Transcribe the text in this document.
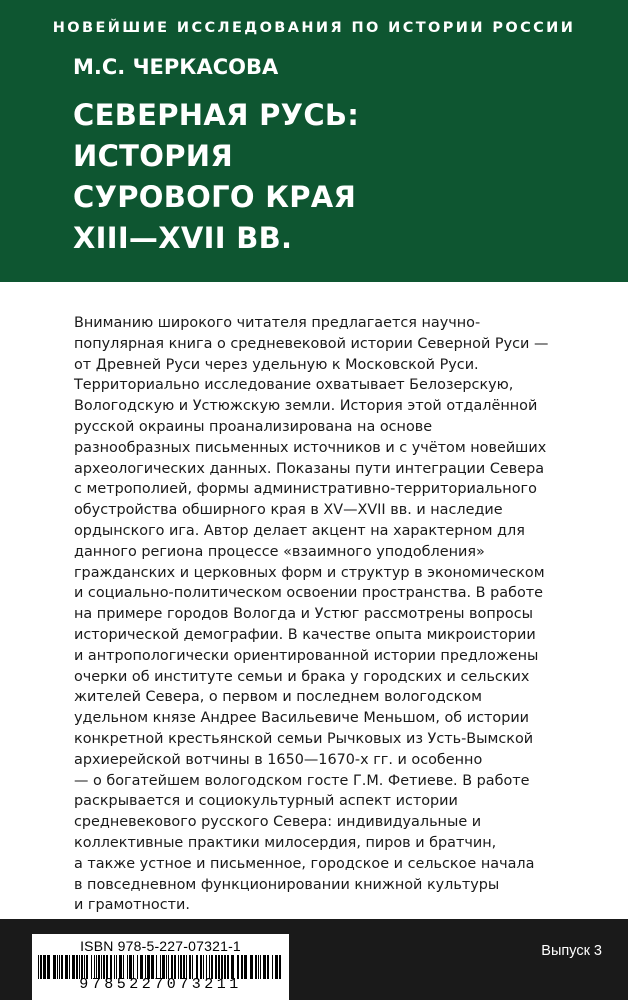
НОВЕЙШИЕ ИССЛЕДОВАНИЯ ПО ИСТОРИИ РОССИИ
М.С. ЧЕРКАСОВА
СЕВЕРНАЯ РУСЬ:
ИСТОРИЯ
СУРОВОГО КРАЯ
XIII—XVII ВВ.
Вниманию широкого читателя предлагается научно-
популярная книга о средневековой истории Северной Руси —
от Древней Руси через удельную к Московской Руси.
Территориально исследование охватывает Белозерскую,
Вологодскую и Устюжскую земли. История этой отдалённой
русской окраины проанализирована на основе
разнообразных письменных источников и с учётом новейших
археологических данных. Показаны пути интеграции Севера
с метрополией, формы административно-территориального
обустройства обширного края в XV—XVII вв. и наследие
ордынского ига. Автор делает акцент на характерном для
данного региона процессе «взаимного уподобления»
гражданских и церковных форм и структур в экономическом
и социально-политическом освоении пространства. В работе
на примере городов Вологда и Устюг рассмотрены вопросы
исторической демографии. В качестве опыта микроистории
и антропологически ориентированной истории предложены
очерки об институте семьи и брака у городских и сельских
жителей Севера, о первом и последнем вологодском
удельном князе Андрее Васильевиче Меньшом, об истории
конкретной крестьянской семьи Рычковых из Усть-Вымской
архиерейской вотчины в 1650—1670-х гг. и особенно
— о богатейшем вологодском госте Г.М. Фетиеве. В работе
раскрывается и социокультурный аспект истории
средневекового русского Севера: индивидуальные и
коллективные практики милосердия, пиров и братчин,
а также устное и письменное, городское и сельское начала
в повседневном функционировании книжной культуры
и грамотности.
ISBN 978-5-227-07321-1
9785227073211
Выпуск 3
